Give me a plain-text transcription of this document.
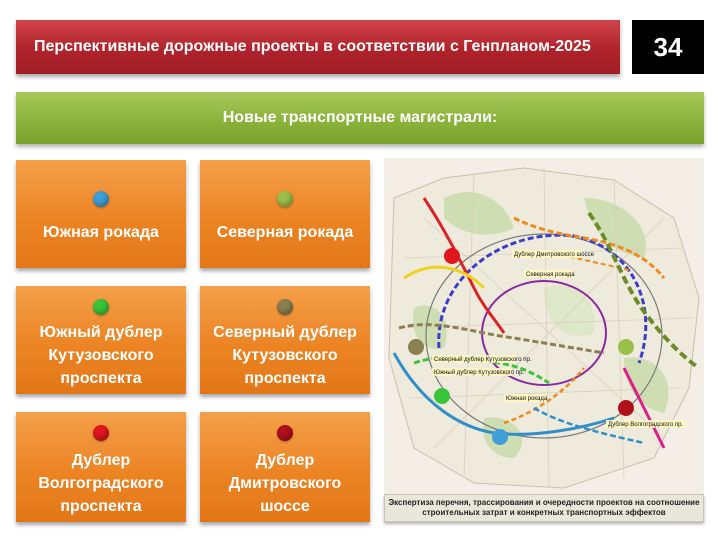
Перспективные дорожные проекты в соответствии с Генпланом-2025	34
Новые транспортные магистрали:
Южная рокада	Северная рокада
Южный дублер
Кутузовского
проспекта
Северный дублер
Кутузовского
проспекта
Дублер
Волгоградского
проспекта
Дублер
Дмитровского
шоссе
Дублер Дмитровского шоссе
Северная рокада
Северный дублер Кутузовского пр.
Южный дублер Кутузовского пр.
Южная рокада
Дублер Волгоградского пр.
Экспертиза перечня, трассирования и очередности проектов на соотношение строительных затрат и конкретных транспортных эффектов
